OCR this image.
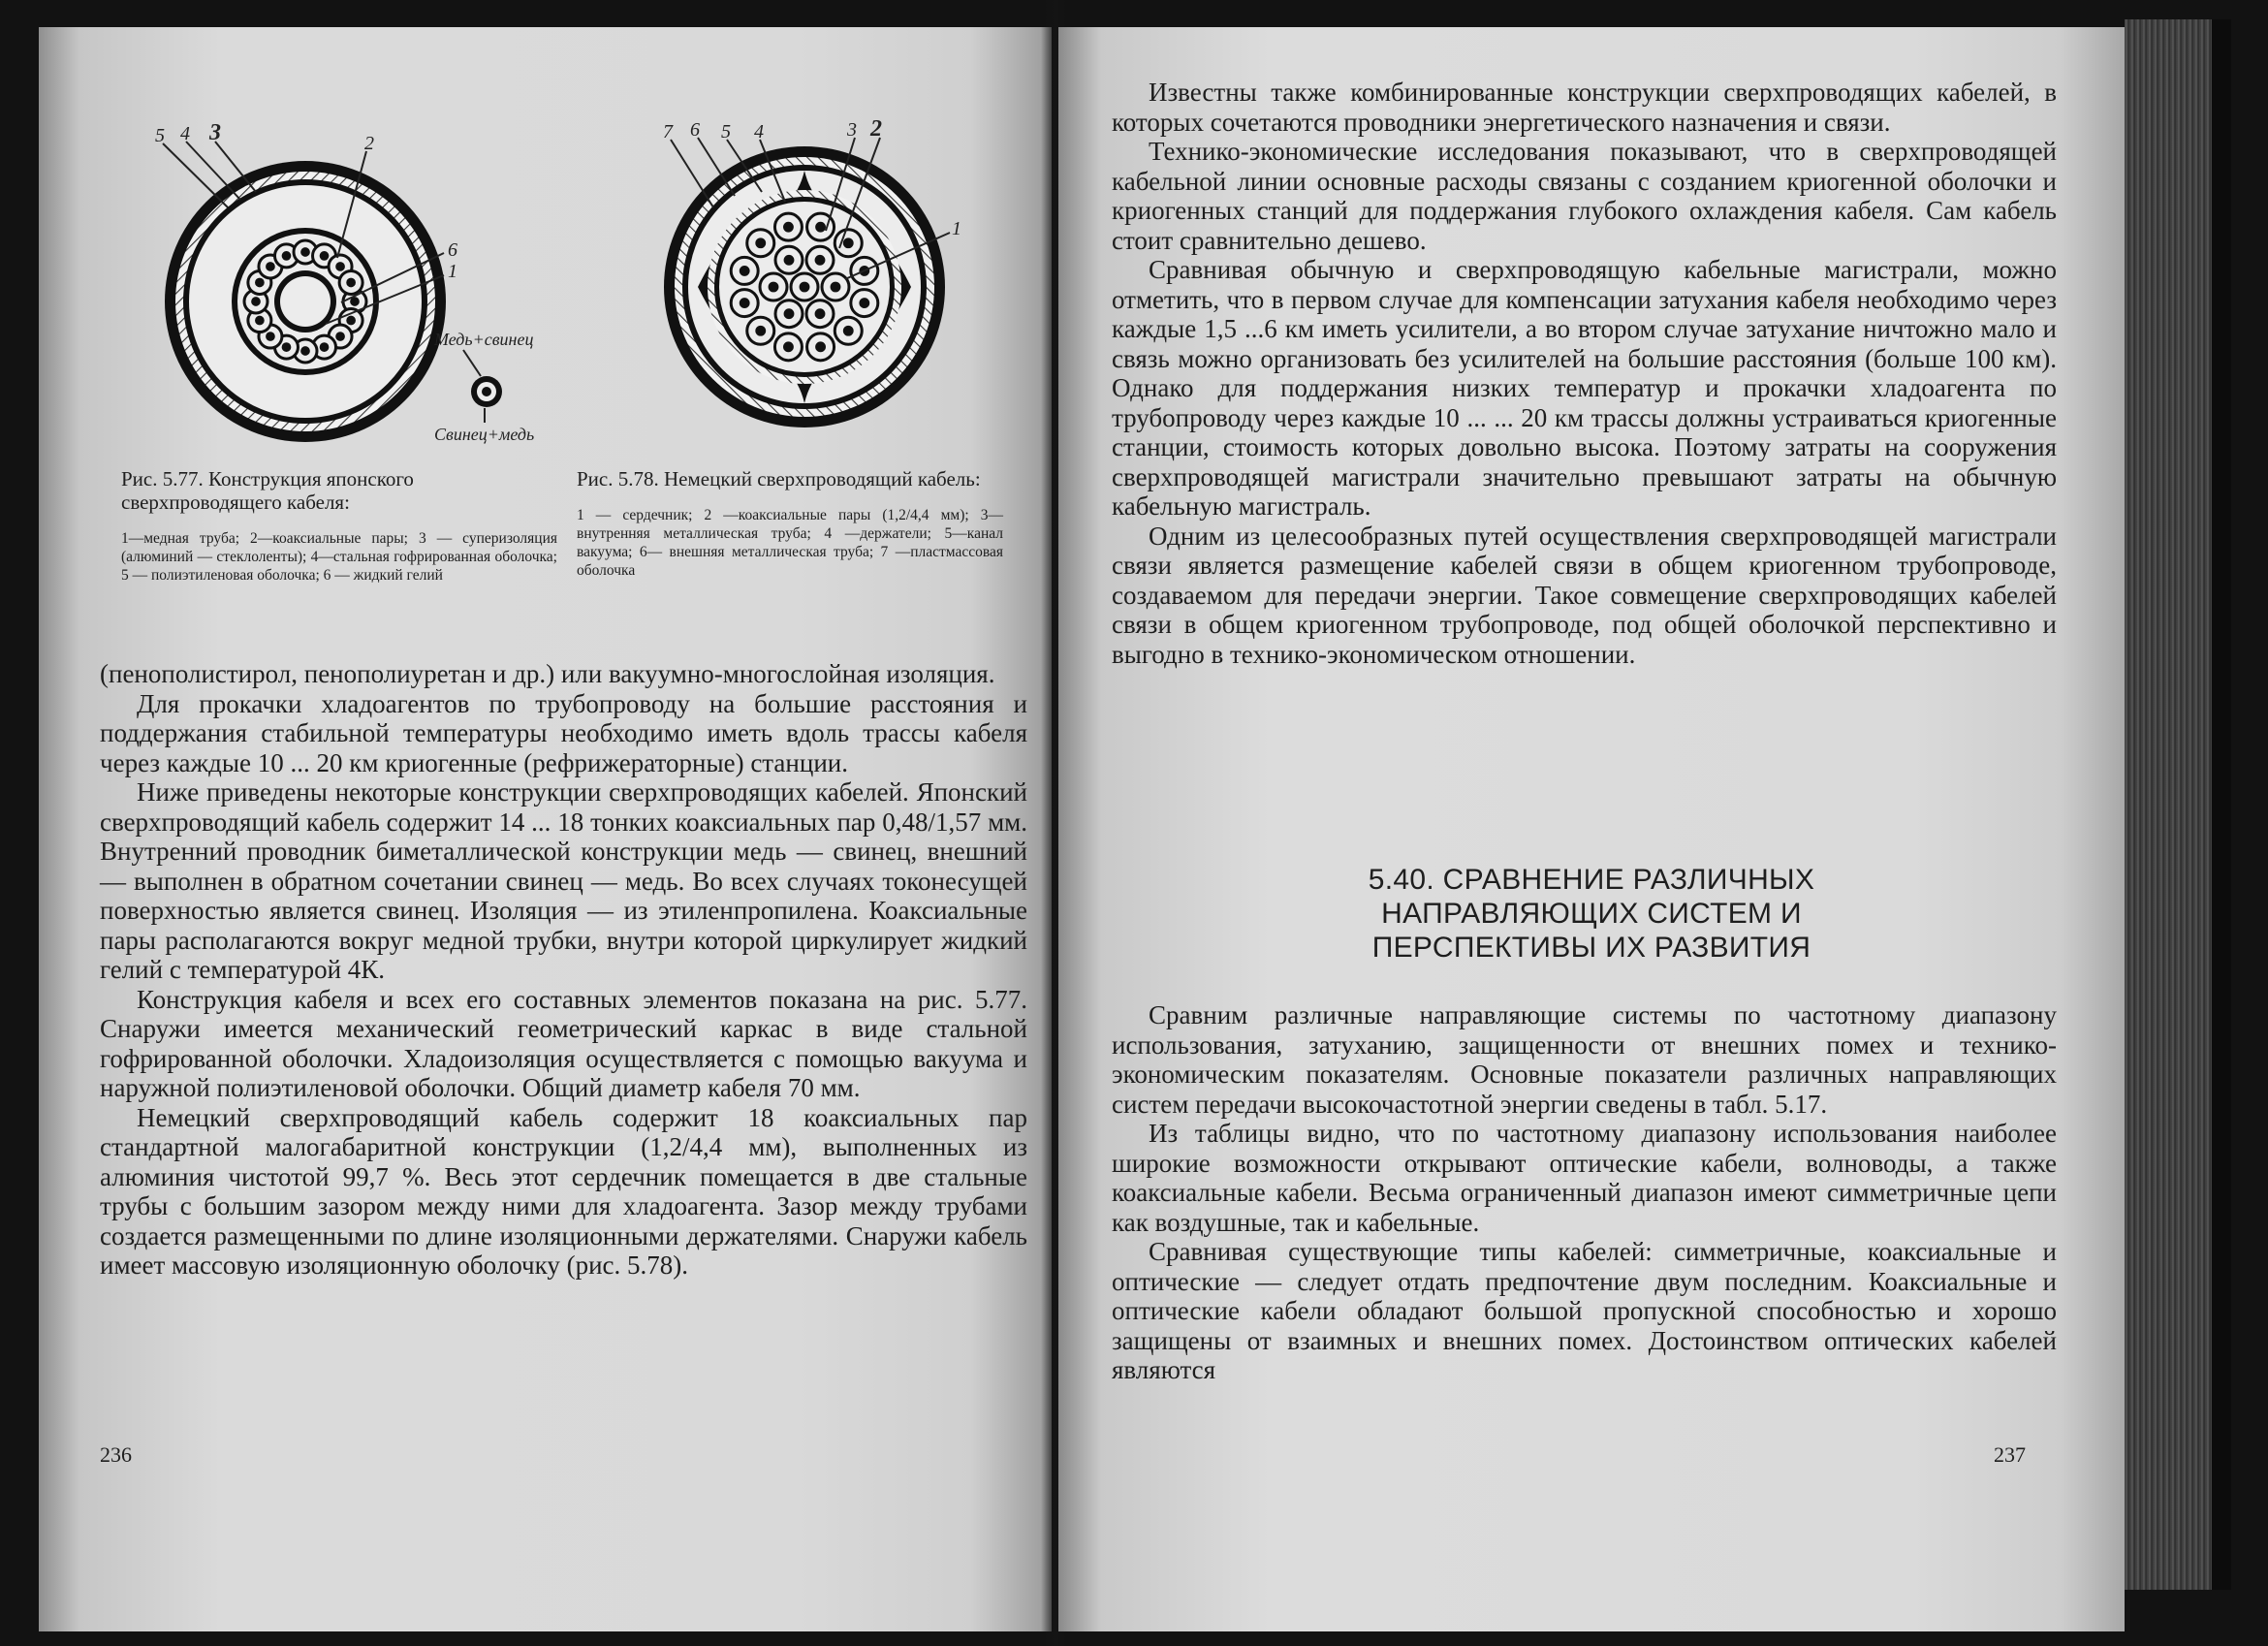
5 4 3	2
6
1
Медь+свинец
Свинец+медь
7 6 5 4	3 2
1
Рис. 5.77. Конструкция японского сверхпроводящего кабеля:
1—медная труба; 2—коаксиальные пары; 3 — суперизоляция (алюминий — стеклоленты); 4—стальная гофрированная оболочка; 5 — полиэтиленовая оболочка; 6 — жидкий гелий
Рис. 5.78. Немецкий сверхпроводящий кабель:
1 — сердечник; 2 —коаксиальные пары (1,2/4,4 мм); 3—внутренняя металлическая труба; 4 —держатели; 5—канал вакуума; 6— внешняя металлическая труба; 7 —пластмассовая оболочка

(пенополистирол, пенополиуретан и др.) или вакуумно-многослойная изоляция.

Для прокачки хладоагентов по трубопроводу на большие расстояния и поддержания стабильной температуры необходимо иметь вдоль трассы кабеля через каждые 10 ... 20 км криогенные (рефрижераторные) станции.

Ниже приведены некоторые конструкции сверхпроводящих кабелей. Японский сверхпроводящий кабель содержит 14 ... 18 тонких коаксиальных пар 0,48/1,57 мм. Внутренний проводник биметаллической конструкции медь — свинец, внешний — выполнен в обратном сочетании свинец — медь. Во всех случаях токонесущей поверхностью является свинец. Изоляция — из этиленпропилена. Коаксиальные пары располагаются вокруг медной трубки, внутри которой циркулирует жидкий гелий с температурой 4К.

Конструкция кабеля и всех его составных элементов показана на рис. 5.77. Снаружи имеется механический геометрический каркас в виде стальной гофрированной оболочки. Хладоизоляция осуществляется с помощью вакуума и наружной полиэтиленовой оболочки. Общий диаметр кабеля 70 мм.

Немецкий сверхпроводящий кабель содержит 18 коаксиальных пар стандартной малогабаритной конструкции (1,2/4,4 мм), выполненных из алюминия чистотой 99,7 %. Весь этот сердечник помещается в две стальные трубы с большим зазором между ними для хладоагента. Зазор между трубами создается размещенными по длине изоляционными держателями. Снаружи кабель имеет массовую изоляционную оболочку (рис. 5.78).

236

Известны также комбинированные конструкции сверхпроводящих кабелей, в которых сочетаются проводники энергетического назначения и связи.

Технико-экономические исследования показывают, что в сверхпроводящей кабельной линии основные расходы связаны с созданием криогенной оболочки и криогенных станций для поддержания глубокого охлаждения кабеля. Сам кабель стоит сравнительно дешево.

Сравнивая обычную и сверхпроводящую кабельные магистрали, можно отметить, что в первом случае для компенсации затухания кабеля необходимо через каждые 1,5 ...6 км иметь усилители, а во втором случае затухание ничтожно мало и связь можно организовать без усилителей на большие расстояния (больше 100 км). Однако для поддержания низких температур и прокачки хладоагента по трубопроводу через каждые 10 ... ... 20 км трассы должны устраиваться криогенные станции, стоимость которых довольно высока. Поэтому затраты на сооружения сверхпроводящей магистрали значительно превышают затраты на обычную кабельную магистраль.

Одним из целесообразных путей осуществления сверхпроводящей магистрали связи является размещение кабелей связи в общем криогенном трубопроводе, создаваемом для передачи энергии. Такое совмещение сверхпроводящих кабелей связи в общем криогенном трубопроводе, под общей оболочкой перспективно и выгодно в технико-экономическом отношении.

5.40. СРАВНЕНИЕ РАЗЛИЧНЫХ
НАПРАВЛЯЮЩИХ СИСТЕМ И
ПЕРСПЕКТИВЫ ИХ РАЗВИТИЯ

Сравним различные направляющие системы по частотному диапазону использования, затуханию, защищенности от внешних помех и технико-экономическим показателям. Основные показатели различных направляющих систем передачи высокочастотной энергии сведены в табл. 5.17.

Из таблицы видно, что по частотному диапазону использования наиболее широкие возможности открывают оптические кабели, волноводы, а также коаксиальные кабели. Весьма ограниченный диапазон имеют симметричные цепи как воздушные, так и кабельные.

Сравнивая существующие типы кабелей: симметричные, коаксиальные и оптические — следует отдать предпочтение двум последним. Коаксиальные и оптические кабели обладают большой пропускной способностью и хорошо защищены от взаимных и внешних помех. Достоинством оптических кабелей являются

237
